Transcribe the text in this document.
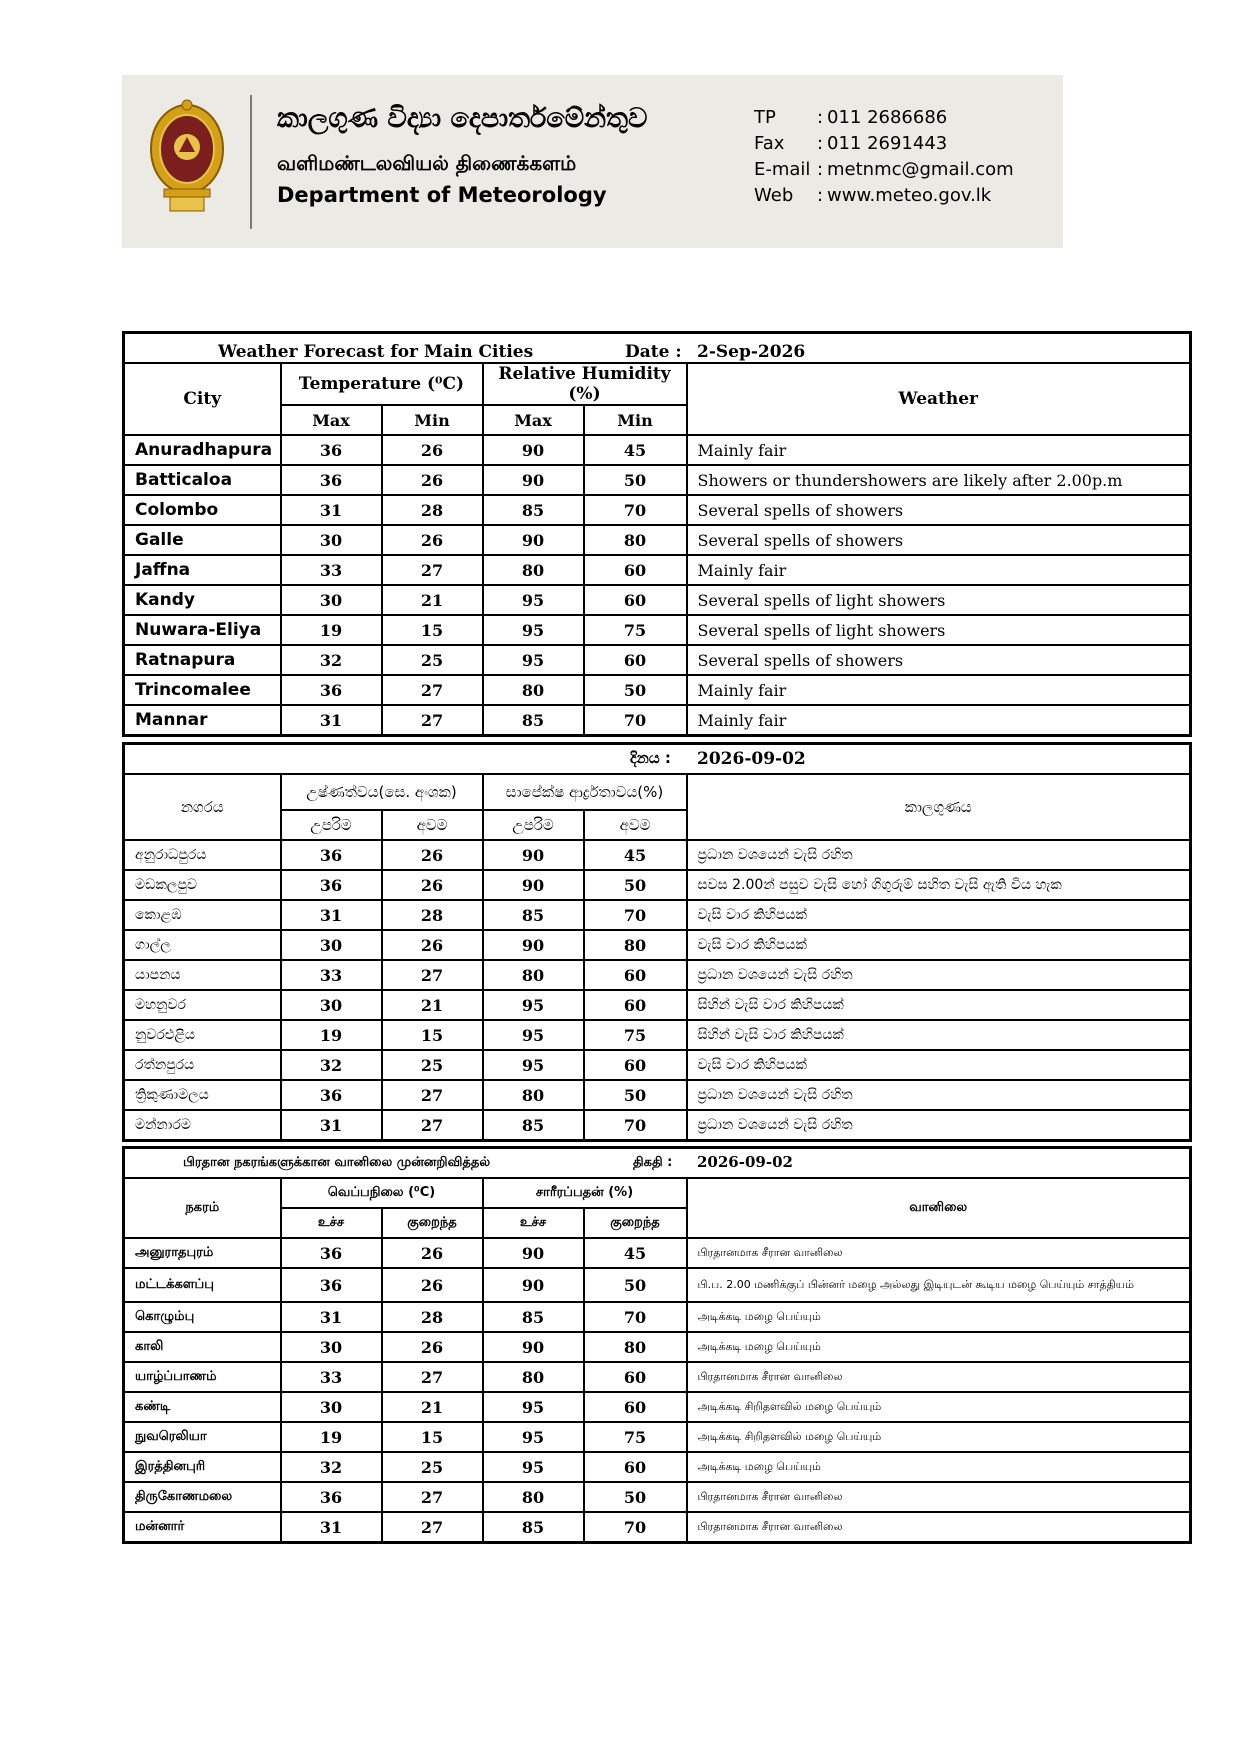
කාලගුණ විද්‍යා දෙපාර්තමේන්තුව
வளிமண்டலவியல் திணைக்களம்
Department of Meteorology
TP	: 011 2686686
Fax	: 011 2691443
E-mail : metnmc@gmail.com
Web	: www.meteo.gov.lk
Weather Forecast for Main Cities Date : 2-Sep-2026					

City	Temperature (⁰C)		Relative Humidity (%)		Weather
	Max	Min	Max	Min	
Anuradhapura	36	26	90	45	Mainly fair
Batticaloa	36	26	90	50	Showers or thundershowers are likely after 2.00p.m
Colombo	31	28	85	70	Several spells of showers
Galle	30	26	90	80	Several spells of showers
Jaffna	33	27	80	60	Mainly fair
Kandy	30	21	95	60	Several spells of light showers
Nuwara-Eliya	19	15	95	75	Several spells of light showers
Ratnapura	32	25	95	60	Several spells of showers
Trincomalee	36	27	80	50	Mainly fair
Mannar	31	27	85	70	Mainly fair
දිනය : 2026-09-02					

නගරය	උෂ්ණත්වය(සෙ. අංශක)		සාපේක්ෂ ආර්ද්‍රතාවය(%)		කාලගුණය
	උපරිම	අවම	උපරිම	අවම	
අනුරාධපුරය	36	26	90	45	ප්‍රධාන වශයෙන් වැසි රහිත
මඩකලපුව	36	26	90	50	සවස 2.00න් පසුව වැසි හෝ ගිගුරුම් සහිත වැසි ඇති විය හැක
කොළඹ	31	28	85	70	වැසි වාර කිහිපයක්
ගාල්ල	30	26	90	80	වැසි වාර කිහිපයක්
යාපනය	33	27	80	60	ප්‍රධාන වශයෙන් වැසි රහිත
මහනුවර	30	21	95	60	සිහින් වැසි වාර කිහිපයක්
නුවරඑළිය	19	15	95	75	සිහින් වැසි වාර කිහිපයක්
රත්නපුරය	32	25	95	60	වැසි වාර කිහිපයක්
ත්‍රිකුණාමලය	36	27	80	50	ප්‍රධාන වශයෙන් වැසි රහිත
මන්නාරම	31	27	85	70	ප්‍රධාන වශයෙන් වැසි රහිත
பிரதான நகரங்களுக்கான வானிலை முன்னறிவித்தல் திகதி : 2026-09-02					

நகரம்	வெப்பநிலை (⁰C)		சாரீரப்பதன் (%)		வானிலை
	உச்ச	குறைந்த	உச்ச	குறைந்த	
அனுராதபுரம்	36	26	90	45	பிரதானமாக சீரான வானிலை
மட்டக்களப்பு	36	26	90	50	பி.ப. 2.00 மணிக்குப் பின்னர் மழை அல்லது இடியுடன் கூடிய மழை பெய்யும் சாத்தியம்
கொழும்பு	31	28	85	70	அடிக்கடி மழை பெய்யும்
காலி	30	26	90	80	அடிக்கடி மழை பெய்யும்
யாழ்ப்பாணம்	33	27	80	60	பிரதானமாக சீரான வானிலை
கண்டி	30	21	95	60	அடிக்கடி சிறிதளவில் மழை பெய்யும்
நுவரெலியா	19	15	95	75	அடிக்கடி சிறிதளவில் மழை பெய்யும்
இரத்தினபுரி	32	25	95	60	அடிக்கடி மழை பெய்யும்
திருகோணமலை	36	27	80	50	பிரதானமாக சீரான வானிலை
மன்னார்	31	27	85	70	பிரதானமாக சீரான வானிலை
